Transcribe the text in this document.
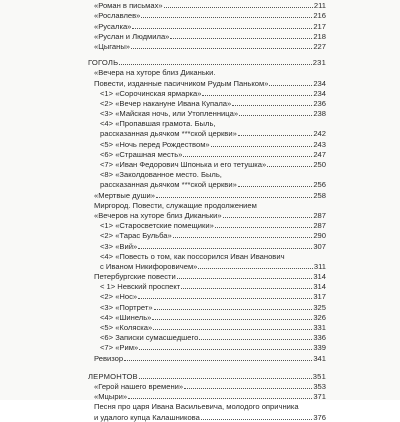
«Роман в письмах»	211
«Рославлев»	216
«Русалка»	217
«Руслан и Людмила»	218
«Цыганы»	227
ГОГОЛЬ	231
«Вечера на хуторе близ Диканьки.
Повести, изданные пасичником Рудым Паньком»	234
<1> «Сорочинская ярмарка»	234
<2> «Вечер накануне Ивана Купала»	236
<3> «Майская ночь, или Утопленница»	238
<4> «Пропавшая грамота. Быль,
рассказанная дьячком ***ской церкви»	242
<5> «Ночь перед Рождеством»	243
<6> «Страшная месть»	247
<7> «Иван Федорович Шпонька и его тетушка»	250
<8> «Заколдованное место. Быль,
рассказанная дьячком ***ской церкви»	256
«Мертвые души»	258
Миргород. Повести, служащие продолжением
«Вечеров на хуторе близ Диканьки»	287
<1> «Старосветские помещики»	287
<2> «Тарас Бульба»	290
<3> «Вий»	307
<4> «Повесть о том, как поссорился Иван Иванович
с Иваном Никифоровичем»	311
Петербургские повести	314
< 1> Невский проспект	314
<2> «Нос»	317
<3> «Портрет»	325
<4> «Шинель»	326
<5> «Коляска»	331
<6> Записки сумасшедшего	336
<7> «Рим»	339
Ревизор	341
ЛЕРМОНТОВ	351
«Герой нашего времени»	353
«Мцыри»	371
Песня про царя Ивана Васильевича, молодого опричника
и удалого купца Калашникова	376
